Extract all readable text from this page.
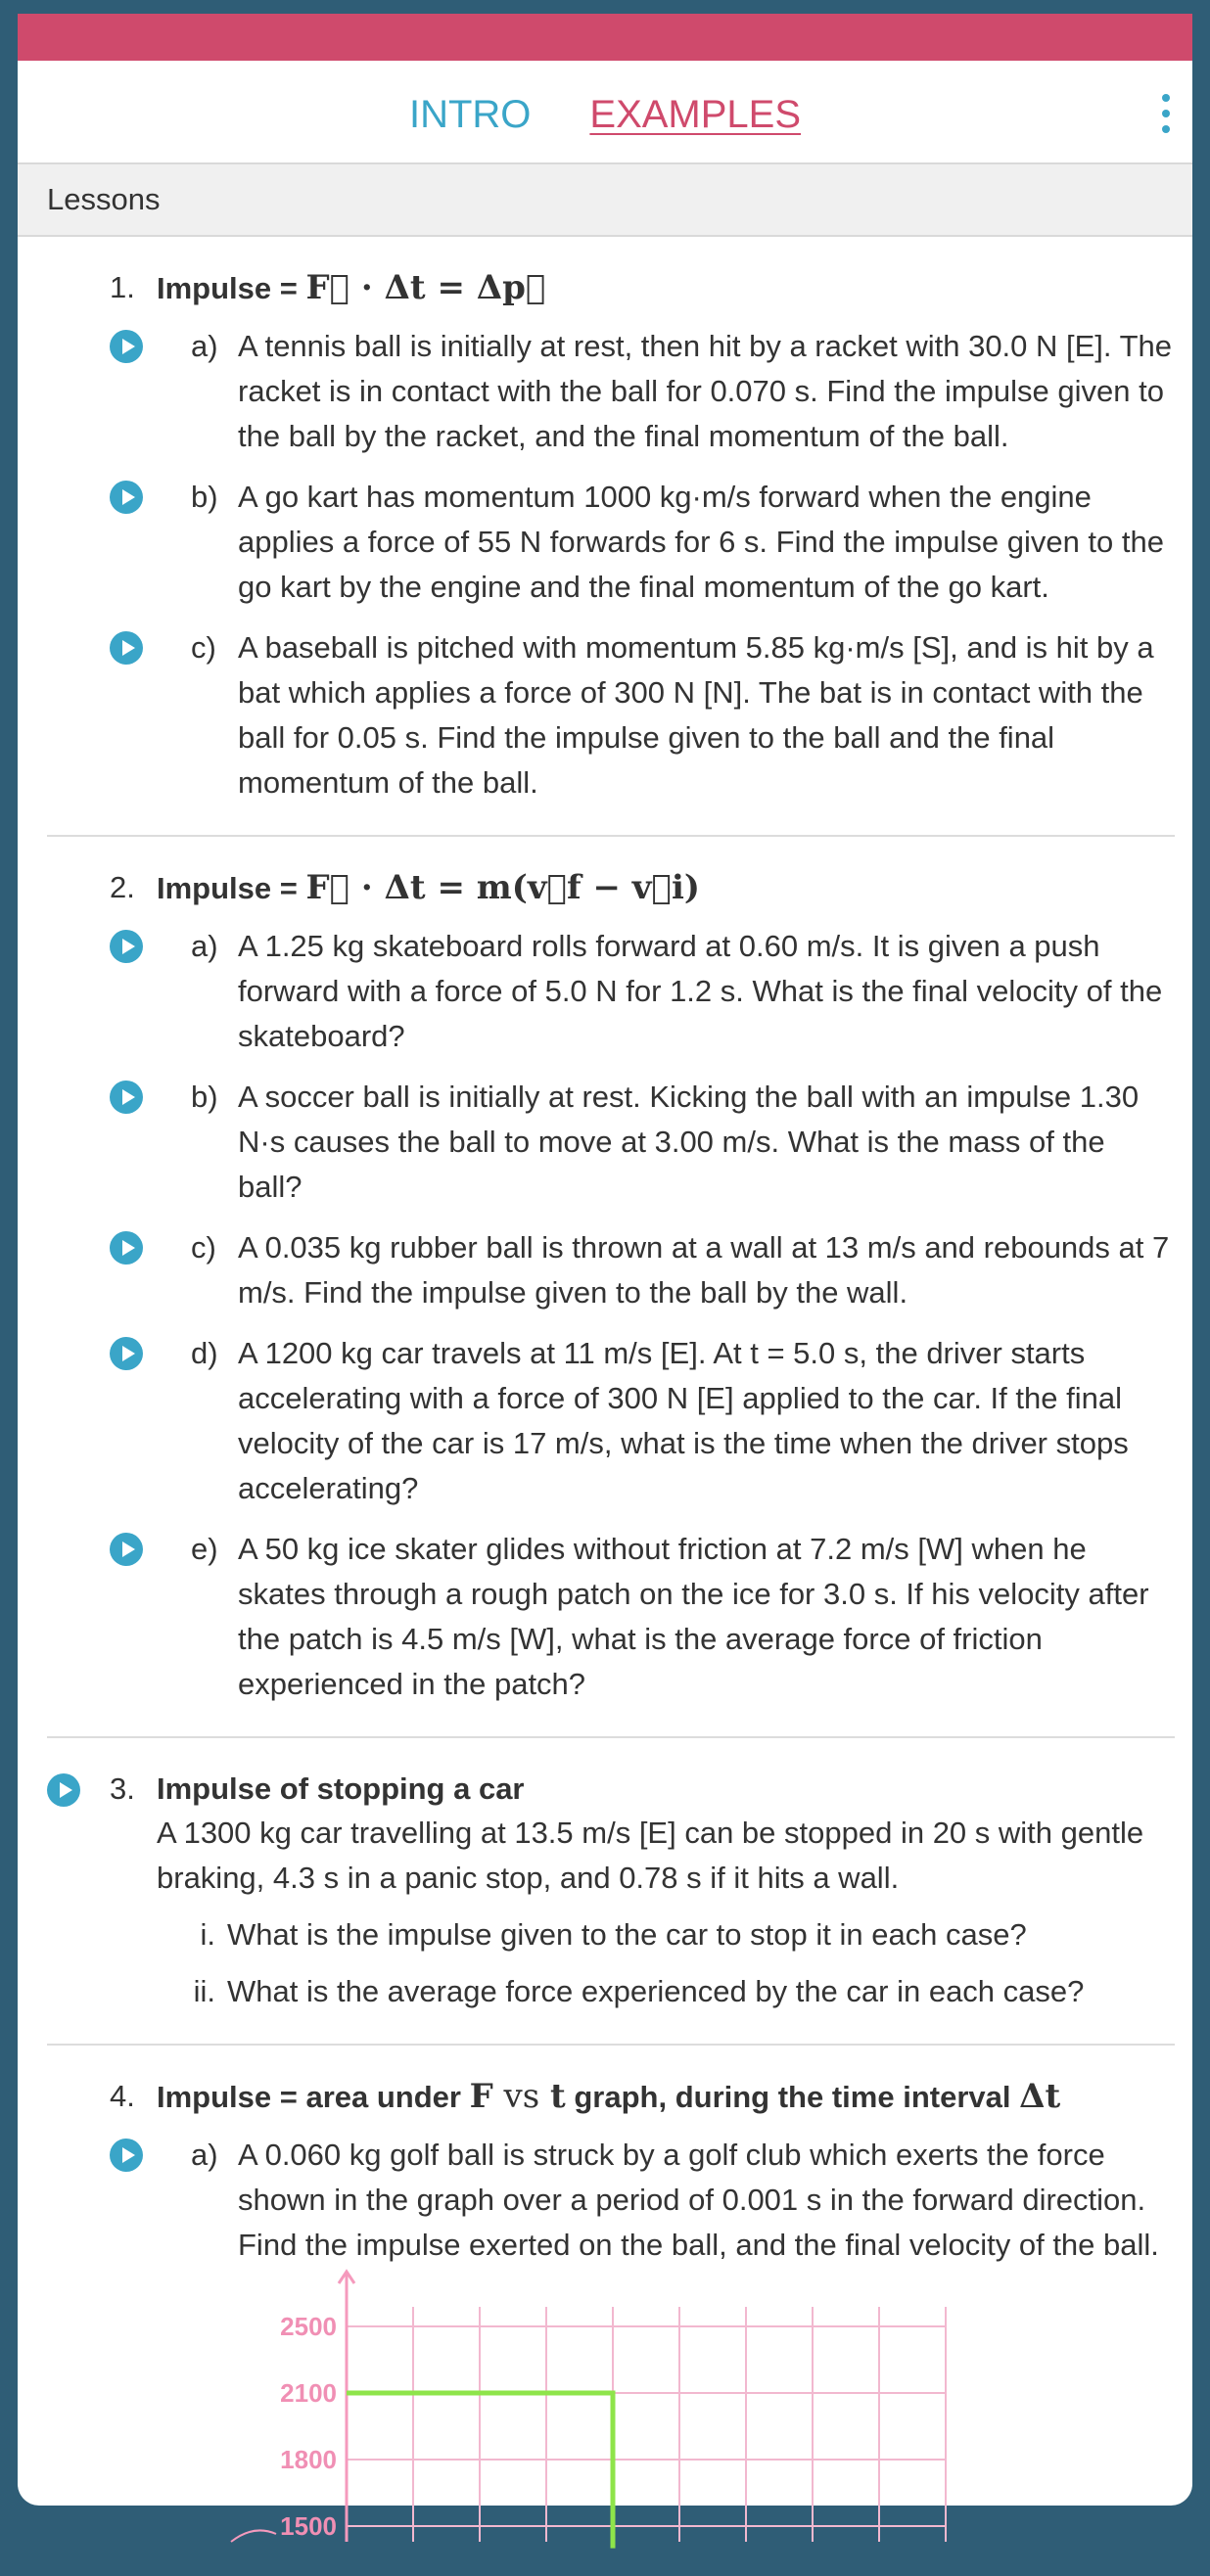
INTRO EXAMPLES
Lessons
1. Impulse = F⃗ · Δt = Δp⃗
a) A tennis ball is initially at rest, then hit by a racket with 30.0 N [E]. The racket is in contact with the ball for 0.070 s. Find the impulse given to the ball by the racket, and the final momentum of the ball.
b) A go kart has momentum 1000 kg·m/s forward when the engine applies a force of 55 N forwards for 6 s. Find the impulse given to the go kart by the engine and the final momentum of the go kart.
c) A baseball is pitched with momentum 5.85 kg·m/s [S], and is hit by a bat which applies a force of 300 N [N]. The bat is in contact with the ball for 0.05 s. Find the impulse given to the ball and the final momentum of the ball.
2. Impulse = F⃗ · Δt = m(v⃗f − v⃗i)
a) A 1.25 kg skateboard rolls forward at 0.60 m/s. It is given a push forward with a force of 5.0 N for 1.2 s. What is the final velocity of the skateboard?
b) A soccer ball is initially at rest. Kicking the ball with an impulse 1.30 N·s causes the ball to move at 3.00 m/s. What is the mass of the ball?
c) A 0.035 kg rubber ball is thrown at a wall at 13 m/s and rebounds at 7 m/s. Find the impulse given to the ball by the wall.
d) A 1200 kg car travels at 11 m/s [E]. At t = 5.0 s, the driver starts accelerating with a force of 300 N [E] applied to the car. If the final velocity of the car is 17 m/s, what is the time when the driver stops accelerating?
e) A 50 kg ice skater glides without friction at 7.2 m/s [W] when he skates through a rough patch on the ice for 3.0 s. If his velocity after the patch is 4.5 m/s [W], what is the average force of friction experienced in the patch?
3. Impulse of stopping a car
A 1300 kg car travelling at 13.5 m/s [E] can be stopped in 20 s with gentle braking, 4.3 s in a panic stop, and 0.78 s if it hits a wall.
i. What is the impulse given to the car to stop it in each case?
ii. What is the average force experienced by the car in each case?
4. Impulse = area under F vs t graph, during the time interval Δt
a) A 0.060 kg golf ball is struck by a golf club which exerts the force shown in the graph over a period of 0.001 s in the forward direction. Find the impulse exerted on the ball, and the final velocity of the ball.
2500
2100
1800
1500
